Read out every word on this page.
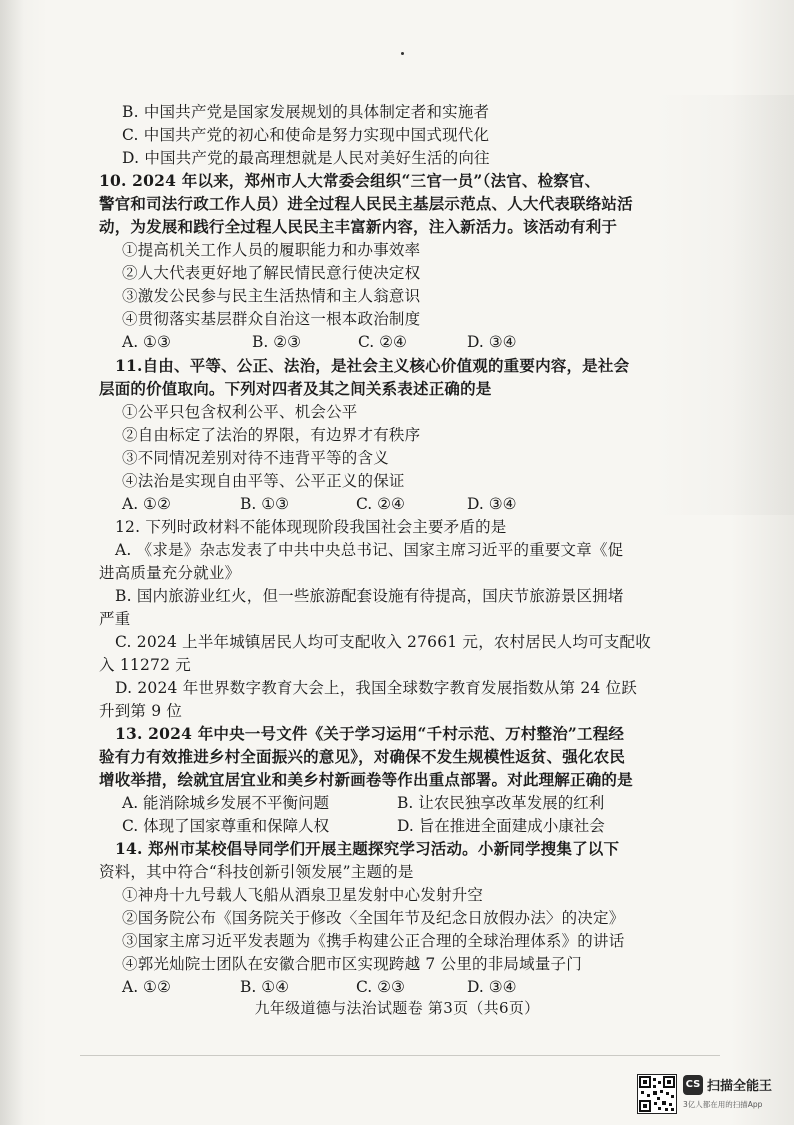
B. 中国共产党是国家发展规划的具体制定者和实施者
C. 中国共产党的初心和使命是努力实现中国式现代化
D. 中国共产党的最高理想就是人民对美好生活的向往
10. 2024 年以来，郑州市人大常委会组织“三官一员”（法官、检察官、
警官和司法行政工作人员）进全过程人民民主基层示范点、人大代表联络站活
动，为发展和践行全过程人民民主丰富新内容，注入新活力。该活动有利于
①提高机关工作人员的履职能力和办事效率
②人大代表更好地了解民情民意行使决定权
③激发公民参与民主生活热情和主人翁意识
④贯彻落实基层群众自治这一根本政治制度
A. ①③	B. ②③	C. ②④	D. ③④
11.自由、平等、公正、法治，是社会主义核心价值观的重要内容，是社会
层面的价值取向。下列对四者及其之间关系表述正确的是
①公平只包含权利公平、机会公平
②自由标定了法治的界限，有边界才有秩序
③不同情况差别对待不违背平等的含义
④法治是实现自由平等、公平正义的保证
A. ①②	B. ①③	C. ②④	D. ③④
12. 下列时政材料不能体现现阶段我国社会主要矛盾的是
A. 《求是》杂志发表了中共中央总书记、国家主席习近平的重要文章《促
进高质量充分就业》
B. 国内旅游业红火，但一些旅游配套设施有待提高，国庆节旅游景区拥堵
严重
C. 2024 上半年城镇居民人均可支配收入 27661 元，农村居民人均可支配收
入 11272 元
D. 2024 年世界数字教育大会上，我国全球数字教育发展指数从第 24 位跃
升到第 9 位
13. 2024 年中央一号文件《关于学习运用“千村示范、万村整治”工程经
验有力有效推进乡村全面振兴的意见》，对确保不发生规模性返贫、强化农民
增收举措，绘就宜居宜业和美乡村新画卷等作出重点部署。对此理解正确的是
A. 能消除城乡发展不平衡问题	B. 让农民独享改革发展的红利
C. 体现了国家尊重和保障人权	D. 旨在推进全面建成小康社会
14. 郑州市某校倡导同学们开展主题探究学习活动。小新同学搜集了以下
资料，其中符合“科技创新引领发展”主题的是
①神舟十九号载人飞船从酒泉卫星发射中心发射升空
②国务院公布《国务院关于修改〈全国年节及纪念日放假办法〉的决定》
③国家主席习近平发表题为《携手构建公正合理的全球治理体系》的讲话
④郭光灿院士团队在安徽合肥市区实现跨越 7 公里的非局域量子门
A. ①②	B. ①④	C. ②③	D. ③④
九年级道德与法治试题卷 第3页（共6页）
CS 扫描全能王
3亿人都在用的扫描App
